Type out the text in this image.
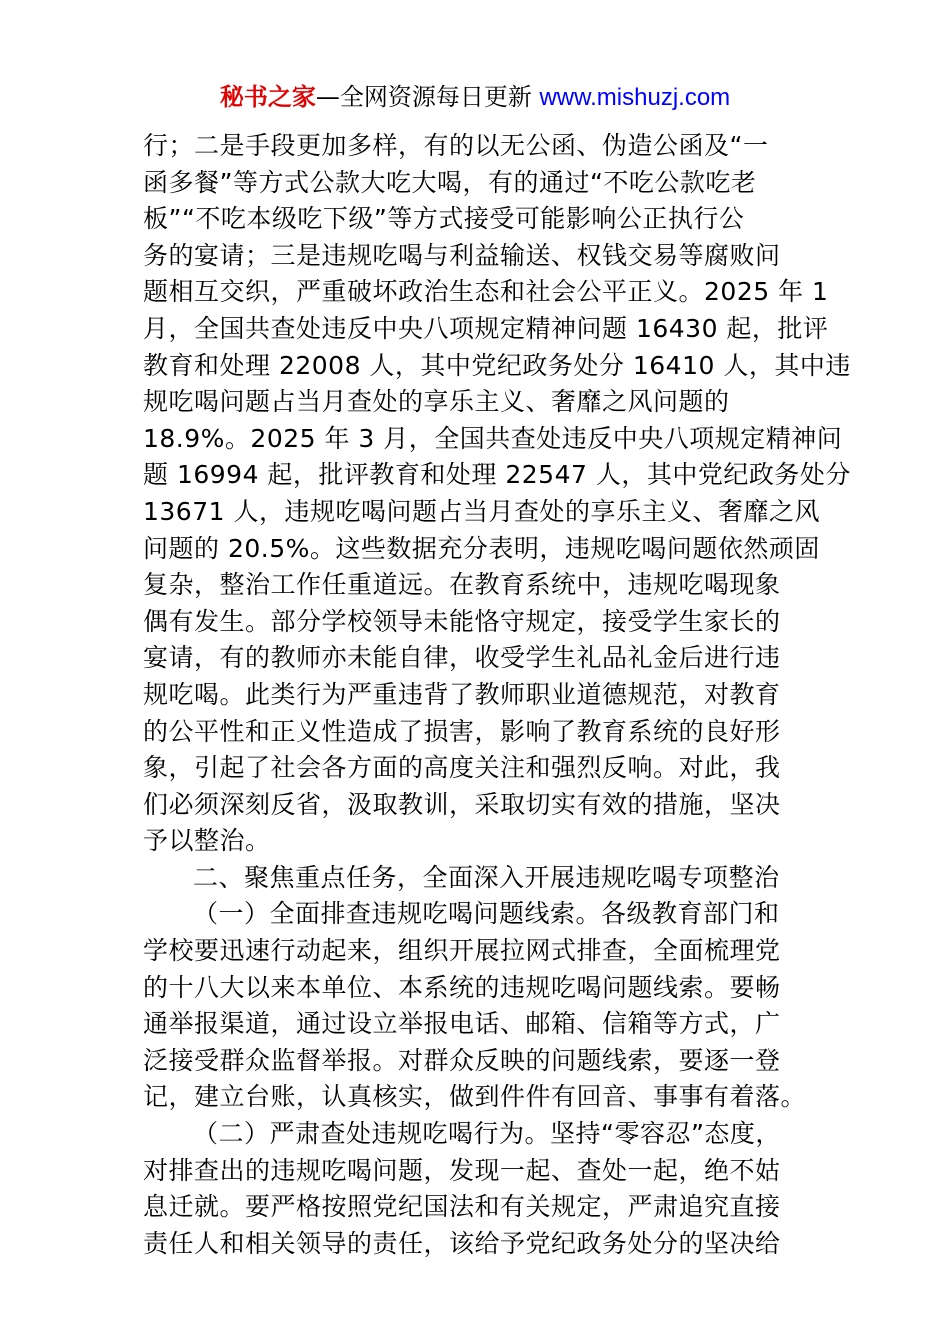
秘书之家—全网资源每日更新 www.mishuzj.com
行；二是手段更加多样，有的以无公函、伪造公函及“一
函多餐”等方式公款大吃大喝，有的通过“不吃公款吃老
板”“不吃本级吃下级”等方式接受可能影响公正执行公
务的宴请；三是违规吃喝与利益输送、权钱交易等腐败问
题相互交织，严重破坏政治生态和社会公平正义。2025 年 1
月，全国共查处违反中央八项规定精神问题 16430 起，批评
教育和处理 22008 人，其中党纪政务处分 16410 人，其中违
规吃喝问题占当月查处的享乐主义、奢靡之风问题的
18.9%。2025 年 3 月，全国共查处违反中央八项规定精神问
题 16994 起，批评教育和处理 22547 人，其中党纪政务处分
13671 人，违规吃喝问题占当月查处的享乐主义、奢靡之风
问题的 20.5%。这些数据充分表明，违规吃喝问题依然顽固
复杂，整治工作任重道远。在教育系统中，违规吃喝现象
偶有发生。部分学校领导未能恪守规定，接受学生家长的
宴请，有的教师亦未能自律，收受学生礼品礼金后进行违
规吃喝。此类行为严重违背了教师职业道德规范，对教育
的公平性和正义性造成了损害，影响了教育系统的良好形
象，引起了社会各方面的高度关注和强烈反响。对此，我
们必须深刻反省，汲取教训，采取切实有效的措施，坚决
予以整治。
二、聚焦重点任务，全面深入开展违规吃喝专项整治
（一）全面排查违规吃喝问题线索。各级教育部门和
学校要迅速行动起来，组织开展拉网式排查，全面梳理党
的十八大以来本单位、本系统的违规吃喝问题线索。要畅
通举报渠道，通过设立举报电话、邮箱、信箱等方式，广
泛接受群众监督举报。对群众反映的问题线索，要逐一登
记，建立台账，认真核实，做到件件有回音、事事有着落。
（二）严肃查处违规吃喝行为。坚持“零容忍”态度，
对排查出的违规吃喝问题，发现一起、查处一起，绝不姑
息迁就。要严格按照党纪国法和有关规定，严肃追究直接
责任人和相关领导的责任，该给予党纪政务处分的坚决给
